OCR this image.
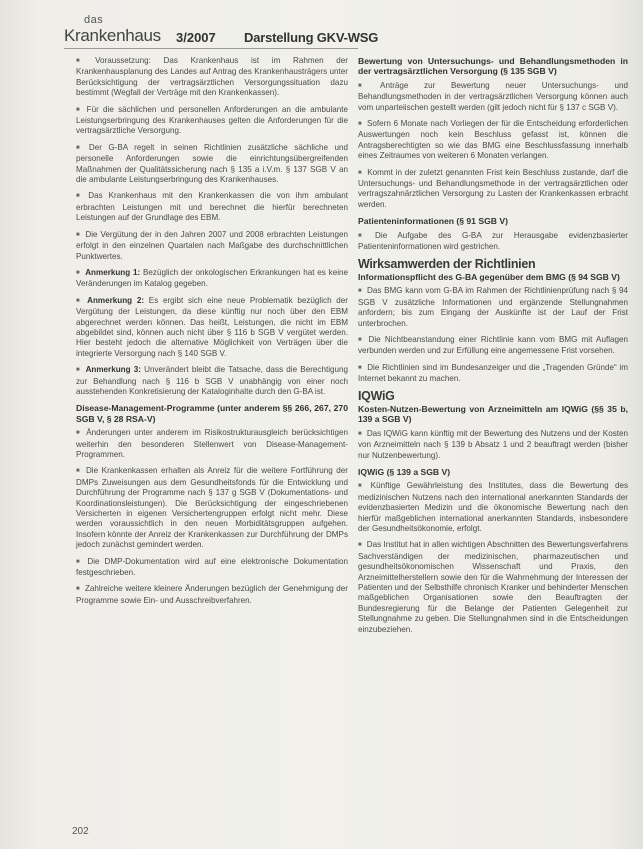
das
Krankenhaus 3/2007 Darstellung GKV-WSG

■ Voraussetzung: Das Krankenhaus ist im Rahmen der Krankenhausplanung des Landes auf Antrag des Krankenhausträgers unter Berücksichtigung der vertragsärztlichen Versorgungssituation dazu bestimmt (Wegfall der Verträge mit den Krankenkassen).

■ Für die sächlichen und personellen Anforderungen an die ambulante Leistungserbringung des Krankenhauses gelten die Anforderungen für die vertragsärztliche Versorgung.

■ Der G-BA regelt in seinen Richtlinien zusätzliche sächliche und personelle Anforderungen sowie die einrichtungsübergreifenden Maßnahmen der Qualitätssicherung nach § 135 a i.V.m. § 137 SGB V an die ambulante Leistungserbringung des Krankenhauses.

■ Das Krankenhaus mit den Krankenkassen die von ihm ambulant erbrachten Leistungen mit und berechnet die hierfür berechneten Leistungen auf der Grundlage des EBM.

■ Die Vergütung der in den Jahren 2007 und 2008 erbrachten Leistungen erfolgt in den einzelnen Quartalen nach Maßgabe des durchschnittlichen Punktwertes.

■ Anmerkung 1: Bezüglich der onkologischen Erkrankungen hat es keine Veränderungen im Katalog gegeben.

■ Anmerkung 2: Es ergibt sich eine neue Problematik bezüglich der Vergütung der Leistungen, da diese künftig nur noch über den EBM abgerechnet werden können. Das heißt, Leistungen, die nicht im EBM abgebildet sind, können auch nicht über § 116 b SGB V vergütet werden. Hier besteht jedoch die alternative Möglichkeit von Verträgen über die integrierte Versorgung nach § 140 SGB V.

■ Anmerkung 3: Unverändert bleibt die Tatsache, dass die Berechtigung zur Behandlung nach § 116 b SGB V unabhängig von einer noch ausstehenden Konkretisierung der Kataloginhalte durch den G-BA ist.

Disease-Management-Programme (unter anderem §§ 266, 267, 270 SGB V, § 28 RSA-V)

■ Änderungen unter anderem im Risikostrukturausgleich berücksichtigen weiterhin den besonderen Stellenwert von Disease-Management-Programmen.

■ Die Krankenkassen erhalten als Anreiz für die weitere Fortführung der DMPs Zuweisungen aus dem Gesundheitsfonds für die Entwicklung und Durchführung der Programme nach § 137 g SGB V (Dokumentations- und Koordinationsleistungen). Die Berücksichtigung der eingeschriebenen Versicherten in eigenen Versichertengruppen erfolgt nicht mehr. Diese werden voraussichtlich in den neuen Morbiditätsgruppen aufgehen. Insofern könnte der Anreiz der Krankenkassen zur Durchführung der DMPs jedoch zunächst gemindert werden.

■ Die DMP-Dokumentation wird auf eine elektronische Dokumentation festgeschrieben.

■ Zahlreiche weitere kleinere Änderungen bezüglich der Genehmigung der Programme sowie Ein- und Ausschreibverfahren.

Bewertung von Untersuchungs- und Behandlungsmethoden in der vertragsärztlichen Versorgung (§ 135 SGB V)

■ Anträge zur Bewertung neuer Untersuchungs- und Behandlungsmethoden in der vertragsärztlichen Versorgung können auch vom unparteiischen gestellt werden (gilt jedoch nicht für § 137 c SGB V).

■ Sofern 6 Monate nach Vorliegen der für die Entscheidung erforderlichen Auswertungen noch kein Beschluss gefasst ist, können die Antragsberechtigten so wie das BMG eine Beschlussfassung innerhalb eines Zeitraumes von weiteren 6 Monaten verlangen.

■ Kommt in der zuletzt genannten Frist kein Beschluss zustande, darf die Untersuchungs- und Behandlungsmethode in der vertragsärztlichen oder vertragszahnärztlichen Versorgung zu Lasten der Krankenkassen erbracht werden.

Patienteninformationen (§ 91 SGB V)

■ Die Aufgabe des G-BA zur Herausgabe evidenzbasierter Patienteninformationen wird gestrichen.

Wirksamwerden der Richtlinien
Informationspflicht des G-BA gegenüber dem BMG (§ 94 SGB V)

■ Das BMG kann vom G-BA im Rahmen der Richtlinienprüfung nach § 94 SGB V zusätzliche Informationen und ergänzende Stellungnahmen anfordern; bis zum Eingang der Auskünfte ist der Lauf der Frist unterbrochen.

■ Die Nichtbeanstandung einer Richtlinie kann vom BMG mit Auflagen verbunden werden und zur Erfüllung eine angemessene Frist vorsehen.

■ Die Richtlinien sind im Bundesanzeiger und die „Tragenden Gründe“ im Internet bekannt zu machen.

IQWiG
Kosten-Nutzen-Bewertung von Arzneimitteln am IQWiG (§§ 35 b, 139 a SGB V)

■ Das IQWiG kann künftig mit der Bewertung des Nutzens und der Kosten von Arzneimitteln nach § 139 b Absatz 1 und 2 beauftragt werden (bisher nur Nutzenbewertung).

IQWiG (§ 139 a SGB V)

■ Künftige Gewährleistung des Institutes, dass die Bewertung des medizinischen Nutzens nach den international anerkannten Standards der evidenzbasierten Medizin und die ökonomische Bewertung nach den hierfür maßgeblichen international anerkannten Standards, insbesondere der Gesundheitsökonomie, erfolgt.

■ Das Institut hat in allen wichtigen Abschnitten des Bewertungsverfahrens Sachverständigen der medizinischen, pharmazeutischen und gesundheitsökonomischen Wissenschaft und Praxis, den Arzneimittelherstellern sowie den für die Wahrnehmung der Interessen der Patienten und der Selbsthilfe chronisch Kranker und behinderter Menschen maßgeblichen Organisationen sowie den Beauftragten der Bundesregierung für die Belange der Patienten Gelegenheit zur Stellungnahme zu geben. Die Stellungnahmen sind in die Entscheidungen einzubeziehen.

202
